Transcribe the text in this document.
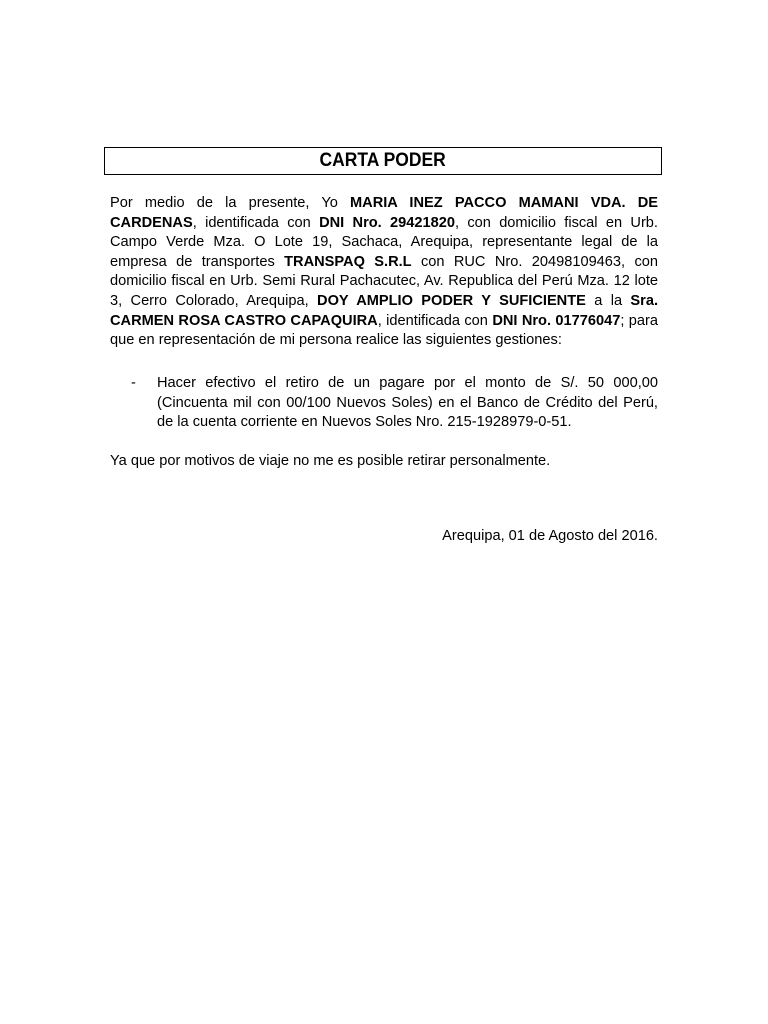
CARTA PODER
Por medio de la presente, Yo MARIA INEZ PACCO MAMANI VDA. DE CARDENAS, identificada con DNI Nro. 29421820, con domicilio fiscal en Urb. Campo Verde Mza. O Lote 19, Sachaca, Arequipa, representante legal de la empresa de transportes TRANSPAQ S.R.L con RUC Nro. 20498109463, con domicilio fiscal en Urb. Semi Rural Pachacutec, Av. Republica del Perú Mza. 12 lote 3, Cerro Colorado, Arequipa, DOY AMPLIO PODER Y SUFICIENTE a la Sra. CARMEN ROSA CASTRO CAPAQUIRA, identificada con DNI Nro. 01776047; para que en representación de mi persona realice las siguientes gestiones:
-	Hacer efectivo el retiro de un pagare por el monto de S/. 50 000,00 (Cincuenta mil con 00/100 Nuevos Soles) en el Banco de Crédito del Perú, de la cuenta corriente en Nuevos Soles Nro. 215-1928979-0-51.
Ya que por motivos de viaje no me es posible retirar personalmente.
Arequipa, 01 de Agosto del 2016.
